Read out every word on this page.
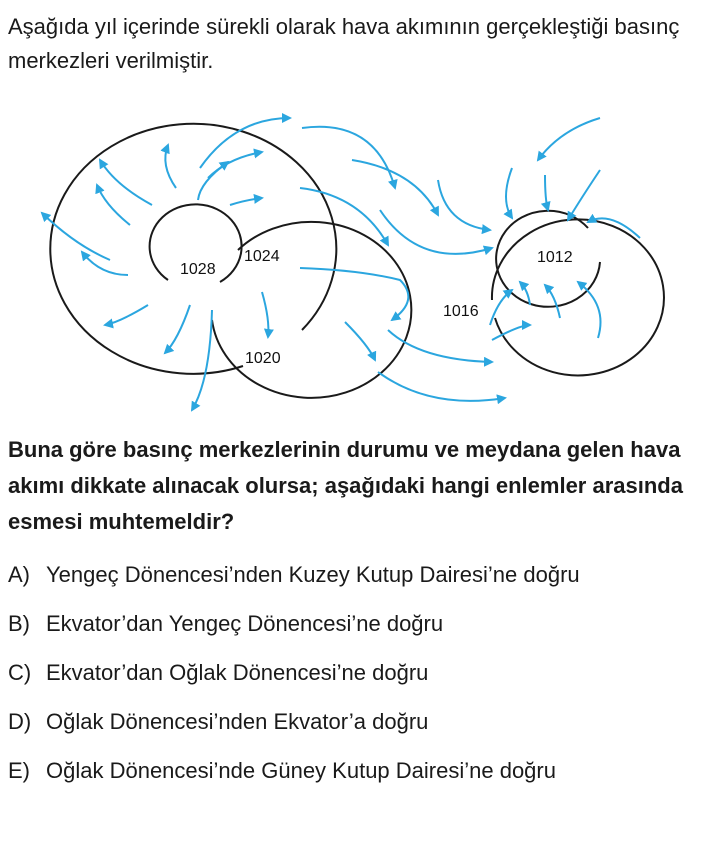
Aşağıda yıl içerinde sürekli olarak hava akımının gerçekleştiği basınç merkezleri verilmiştir.

1028
1024
1020
1012
1016

Buna göre basınç merkezlerinin durumu ve meydana gelen hava akımı dikkate alınacak olursa; aşağıdaki hangi enlemler arasında esmesi muhtemeldir?

A) Yengeç Dönencesi’nden Kuzey Kutup Dairesi’ne doğru
B) Ekvator’dan Yengeç Dönencesi’ne doğru
C) Ekvator’dan Oğlak Dönencesi’ne doğru
D) Oğlak Dönencesi’nden Ekvator’a doğru
E) Oğlak Dönencesi’nde Güney Kutup Dairesi’ne doğru
